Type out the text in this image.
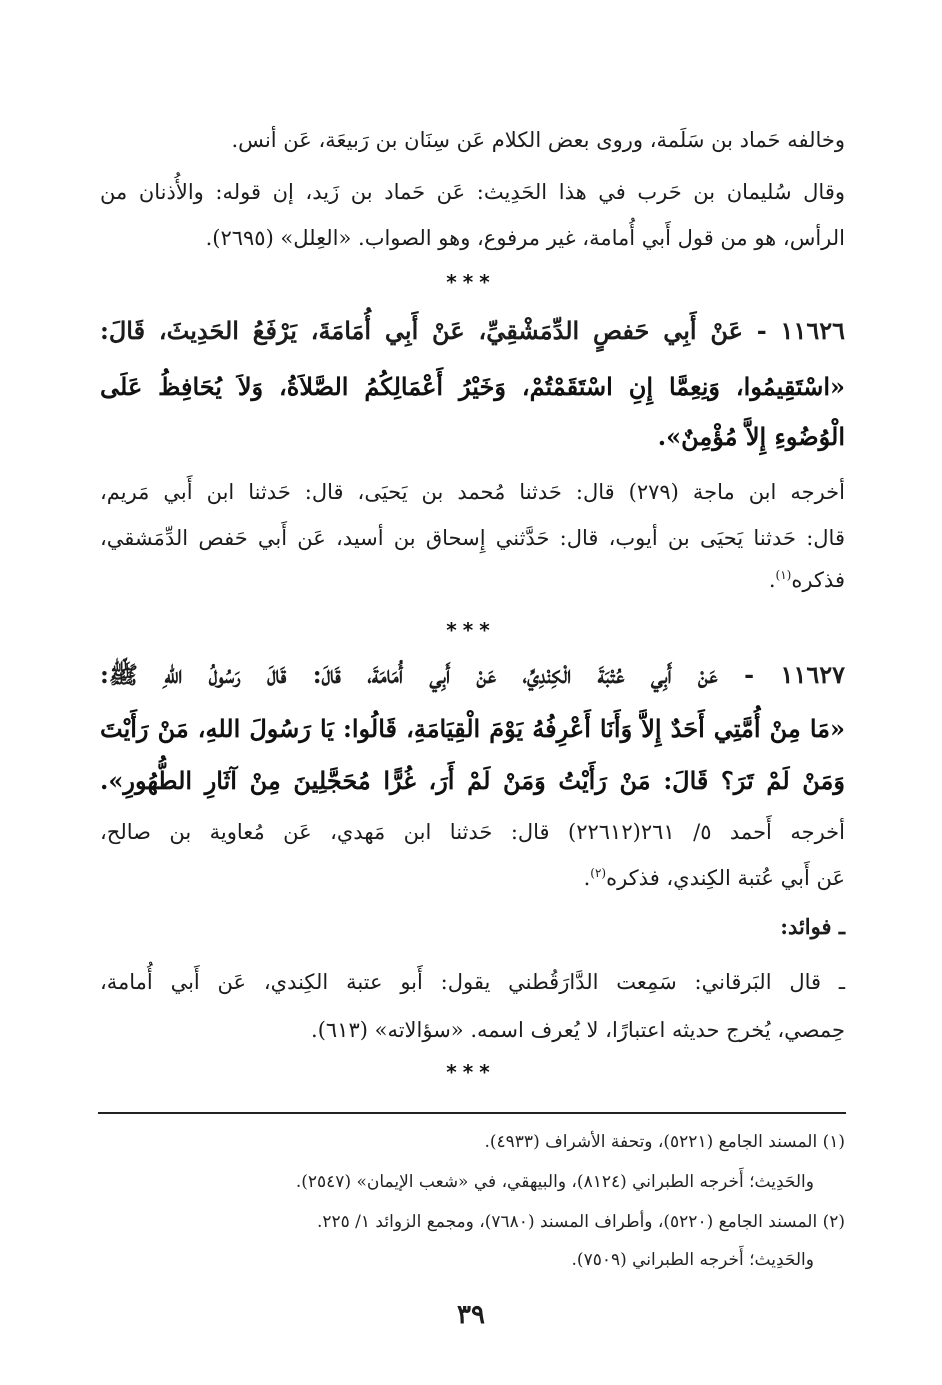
وخالفه حَماد بن سَلَمة، وروى بعض الكلام عَن سِنَان بن رَبيعَة، عَن أنس.
وقال سُليمان بن حَرب في هذا الحَدِيث: عَن حَماد بن زَيد، إن قوله: والأُذنان من
الرأس، هو من قول أَبي أُمامة، غير مرفوع، وهو الصواب. «العِلل» (٢٦٩٥).
***
١١٦٢٦ - عَنْ أَبِي حَفصٍ الدِّمَشْقِيِّ، عَنْ أَبِي أُمَامَةَ، يَرْفَعُ الحَدِيثَ، قَالَ:
«اسْتَقِيمُوا، وَنِعِمَّا إِنِ اسْتَقَمْتُمْ، وَخَيْرُ أَعْمَالِكُمُ الصَّلاَةُ، وَلاَ يُحَافِظُ عَلَى
الْوُضُوءِ إِلاَّ مُؤْمِنٌ».
أخرجه ابن ماجة (٢٧٩) قال: حَدثنا مُحمد بن يَحيَى، قال: حَدثنا ابن أَبي مَريم،
قال: حَدثنا يَحيَى بن أيوب، قال: حَدَّثني إِسحاق بن أسيد، عَن أَبي حَفص الدِّمَشقي،
فذكره$^{(١)}$.
***
١١٦٢٧ - عَنْ أَبِي عُتْبَةَ الْكِنْدِيِّ، عَنْ أَبِي أُمَامَةَ، قَالَ: قَالَ رَسُولُ اللهِ ﷺ:
«مَا مِنْ أُمَّتِي أَحَدٌ إِلاَّ وَأَنَا أَعْرِفُهُ يَوْمَ الْقِيَامَةِ، قَالُوا: يَا رَسُولَ اللهِ، مَنْ رَأَيْتَ
وَمَنْ لَمْ تَرَ؟ قَالَ: مَنْ رَأَيْتُ وَمَنْ لَمْ أَرَ، غُرًّا مُحَجَّلِينَ مِنْ آثَارِ الطُّهُورِ».
أخرجه أَحمد ٥/ ٢٦١(٢٢٦١٢) قال: حَدثنا ابن مَهدي، عَن مُعاوية بن صالح،
عَن أَبي عُتبة الكِندي، فذكره$^{(٢)}$.
ـ فوائد:
ـ قال البَرقاني: سَمِعت الدَّارَقُطني يقول: أَبو عتبة الكِندي، عَن أَبي أُمامة،
حِمصي، يُخرج حديثه اعتبارًا، لا يُعرف اسمه. «سؤالاته» (٦١٣).
***
(١) المسند الجامع (٥٢٢١)، وتحفة الأشراف (٤٩٣٣).
والحَدِيث؛ أَخرجه الطبراني (٨١٢٤)، والبيهقي، في «شعب الإيمان» (٢٥٤٧).
(٢) المسند الجامع (٥٢٢٠)، وأطراف المسند (٧٦٨٠)، ومجمع الزوائد ١/ ٢٢٥.
والحَدِيث؛ أَخرجه الطبراني (٧٥٠٩).
٣٩
